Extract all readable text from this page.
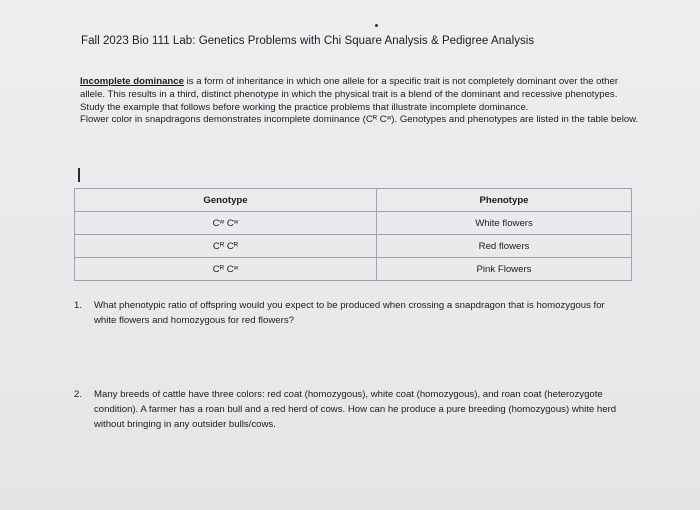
Fall 2023 Bio 111 Lab: Genetics Problems with Chi Square Analysis & Pedigree Analysis

Incomplete dominance is a form of inheritance in which one allele for a specific trait is not completely dominant over the other allele. This results in a third, distinct phenotype in which the physical trait is a blend of the dominant and recessive phenotypes. Study the example that follows before working the practice problems that illustrate incomplete dominance.

Flower color in snapdragons demonstrates incomplete dominance (Cᴿ Cʷ). Genotypes and phenotypes are listed in the table below.

Genotype	Phenotype
Cʷ Cʷ	White flowers
Cᴿ Cᴿ	Red flowers
Cᴿ Cʷ	Pink Flowers
1. What phenotypic ratio of offspring would you expect to be produced when crossing a snapdragon that is homozygous for white flowers and homozygous for red flowers?
2. Many breeds of cattle have three colors: red coat (homozygous), white coat (homozygous), and roan coat (heterozygote condition). A farmer has a roan bull and a red herd of cows. How can he produce a pure breeding (homozygous) white herd without bringing in any outsider bulls/cows.
